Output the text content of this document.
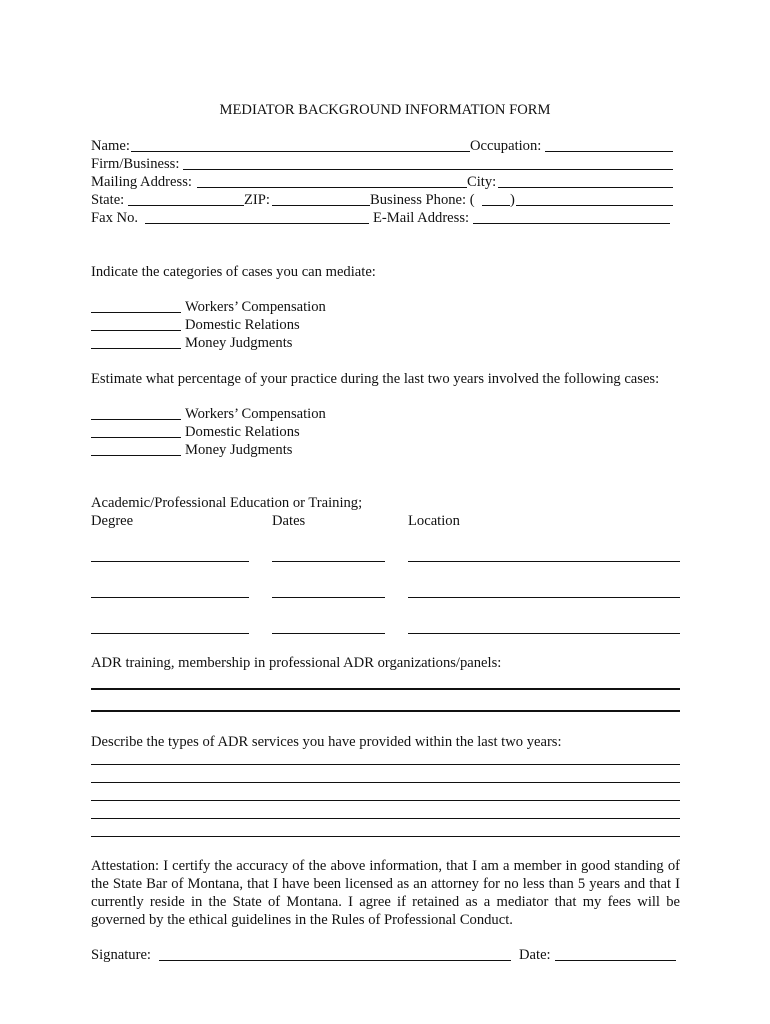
MEDIATOR BACKGROUND INFORMATION FORM
Name:	Occupation:
Firm/Business:
Mailing Address:	City:
State:	ZIP:	Business Phone: ( )
Fax No.	E-Mail Address:
Indicate the categories of cases you can mediate:
Workers’ Compensation
Domestic Relations
Money Judgments
Estimate what percentage of your practice during the last two years involved the following cases:
Workers’ Compensation
Domestic Relations
Money Judgments
Academic/Professional Education or Training;
Degree	Dates	Location
ADR training, membership in professional ADR organizations/panels:
Describe the types of ADR services you have provided within the last two years:
Attestation: I certify the accuracy of the above information, that I am a member in good standing of the State Bar of Montana, that I have been licensed as an attorney for no less than 5 years and that I currently reside in the State of Montana. I agree if retained as a mediator that my fees will be governed by the ethical guidelines in the Rules of Professional Conduct.
Signature:	Date:
